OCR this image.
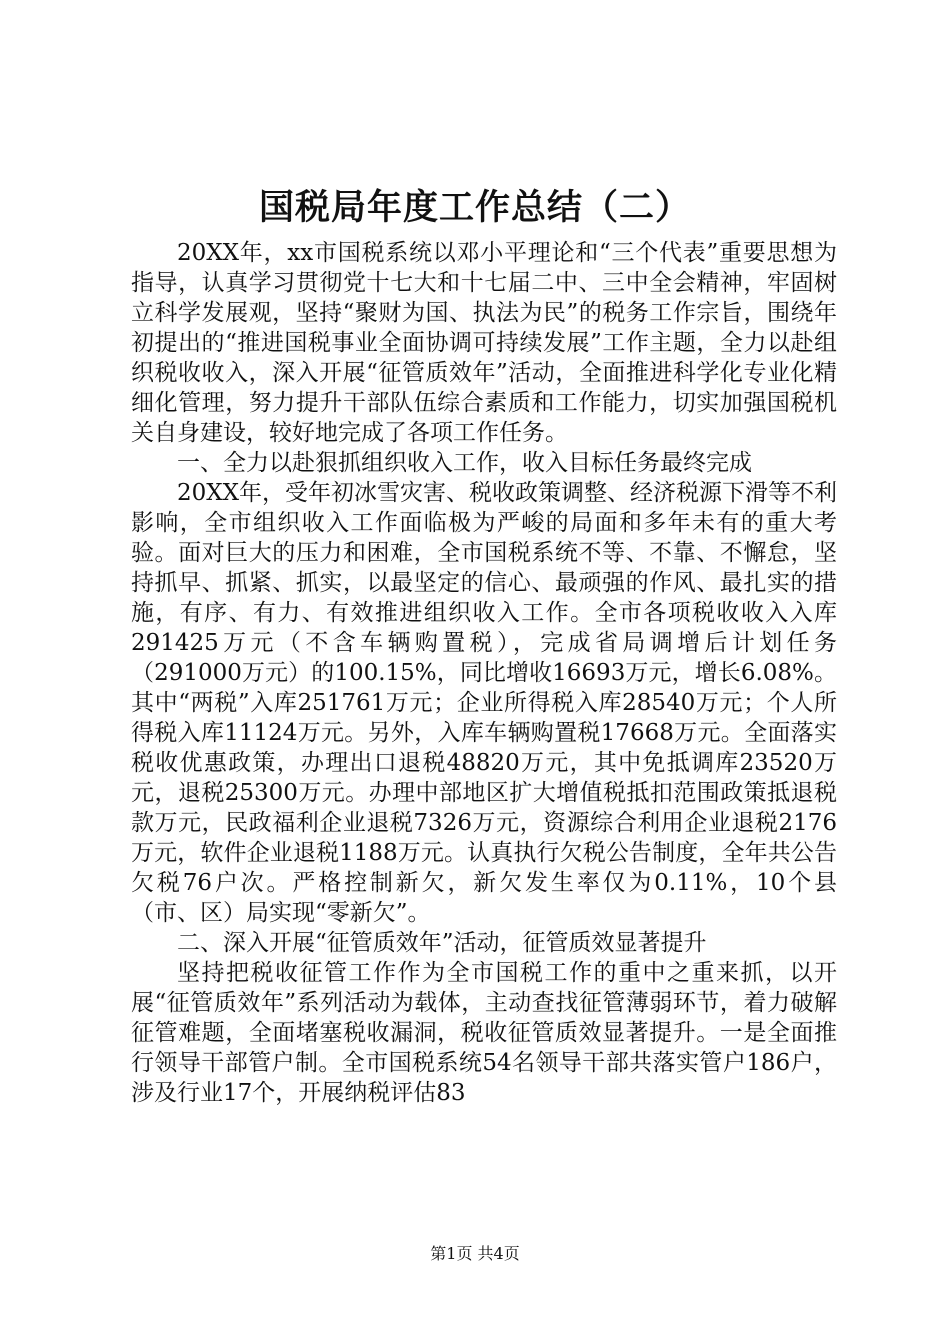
国税局年度工作总结（二）

20XX年，xx市国税系统以邓小平理论和“三个代表”重要思想为指导，认真学习贯彻党十七大和十七届二中、三中全会精神，牢固树立科学发展观，坚持“聚财为国、执法为民”的税务工作宗旨，围绕年初提出的“推进国税事业全面协调可持续发展”工作主题，全力以赴组织税收收入，深入开展“征管质效年”活动，全面推进科学化专业化精细化管理，努力提升干部队伍综合素质和工作能力，切实加强国税机关自身建设，较好地完成了各项工作任务。

一、全力以赴狠抓组织收入工作，收入目标任务最终完成

20XX年，受年初冰雪灾害、税收政策调整、经济税源下滑等不利影响，全市组织收入工作面临极为严峻的局面和多年未有的重大考验。面对巨大的压力和困难，全市国税系统不等、不靠、不懈怠，坚持抓早、抓紧、抓实，以最坚定的信心、最顽强的作风、最扎实的措施，有序、有力、有效推进组织收入工作。全市各项税收收入入库291425万元（不含车辆购置税），完成省局调增后计划任务（291000万元）的100.15%，同比增收16693万元，增长6.08%。其中“两税”入库251761万元；企业所得税入库28540万元；个人所得税入库11124万元。另外，入库车辆购置税17668万元。全面落实税收优惠政策，办理出口退税48820万元，其中免抵调库23520万元，退税25300万元。办理中部地区扩大增值税抵扣范围政策抵退税款万元，民政福利企业退税7326万元，资源综合利用企业退税2176万元，软件企业退税1188万元。认真执行欠税公告制度，全年共公告欠税76户次。严格控制新欠，新欠发生率仅为0.11%，10个县（市、区）局实现“零新欠”。

二、深入开展“征管质效年”活动，征管质效显著提升

坚持把税收征管工作作为全市国税工作的重中之重来抓，以开展“征管质效年”系列活动为载体，主动查找征管薄弱环节，着力破解征管难题，全面堵塞税收漏洞，税收征管质效显著提升。一是全面推行领导干部管户制。全市国税系统54名领导干部共落实管户186户，涉及行业17个，开展纳税评估83

第1页 共4页
